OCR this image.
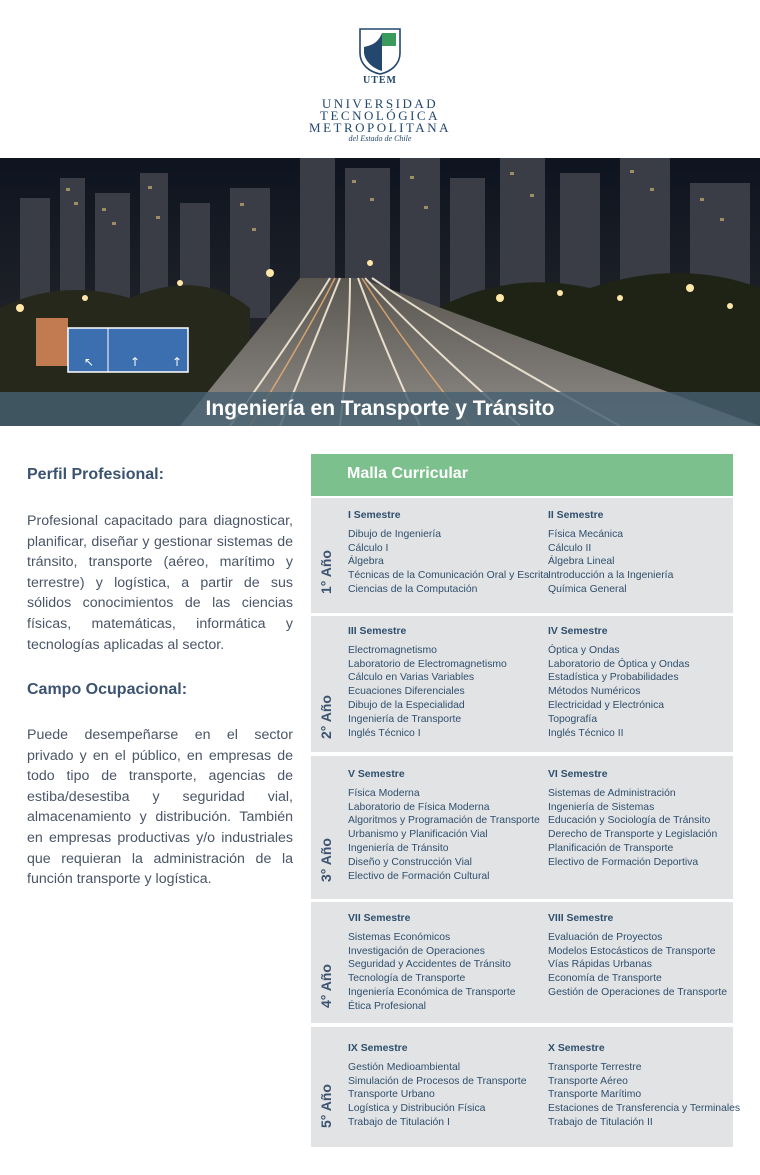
UTEM
UNIVERSIDAD
TECNOLÓGICA
METROPOLITANA
del Estado de Chile
↖	↑	↑
Ingeniería en Transporte y Tránsito
Perfil Profesional:
Profesional capacitado para diagnosticar, planificar, diseñar y gestionar sistemas de tránsito, transporte (aéreo, marítimo y terrestre) y logística, a partir de sus sólidos conocimientos de las ciencias físicas, matemáticas, informática y tecnologías aplicadas al sector.
Campo Ocupacional:
Puede desempeñarse en el sector privado y en el público, en empresas de todo tipo de transporte, agencias de estiba/desestiba y seguridad vial, almacenamiento y distribución. También en empresas productivas y/o industriales que requieran la administración de la función transporte y logística.
Malla Curricular
1° Año
I Semestre
Dibujo de Ingeniería
Cálculo I
Álgebra
Técnicas de la Comunicación Oral y Escrita
Ciencias de la Computación
II Semestre
Física Mecánica
Cálculo II
Álgebra Lineal
Introducción a la Ingeniería
Química General
2° Año
III Semestre
Electromagnetismo
Laboratorio de Electromagnetismo
Cálculo en Varias Variables
Ecuaciones Diferenciales
Dibujo de la Especialidad
Ingeniería de Transporte
Inglés Técnico I
IV Semestre
Óptica y Ondas
Laboratorio de Óptica y Ondas
Estadística y Probabilidades
Métodos Numéricos
Electricidad y Electrónica
Topografía
Inglés Técnico II
3° Año
V Semestre
Física Moderna
Laboratorio de Física Moderna
Algoritmos y Programación de Transporte
Urbanismo y Planificación Vial
Ingeniería de Tránsito
Diseño y Construcción Vial
Electivo de Formación Cultural
VI Semestre
Sistemas de Administración
Ingeniería de Sistemas
Educación y Sociología de Tránsito
Derecho de Transporte y Legislación
Planificación de Transporte
Electivo de Formación Deportiva
4° Año
VII Semestre
Sistemas Económicos
Investigación de Operaciones
Seguridad y Accidentes de Tránsito
Tecnología de Transporte
Ingeniería Económica de Transporte
Ética Profesional
VIII Semestre
Evaluación de Proyectos
Modelos Estocásticos de Transporte
Vías Rápidas Urbanas
Economía de Transporte
Gestión de Operaciones de Transporte
5° Año
IX Semestre
Gestión Medioambiental
Simulación de Procesos de Transporte
Transporte Urbano
Logística y Distribución Física
Trabajo de Titulación I
X Semestre
Transporte Terrestre
Transporte Aéreo
Transporte Marítimo
Estaciones de Transferencia y Terminales
Trabajo de Titulación II
